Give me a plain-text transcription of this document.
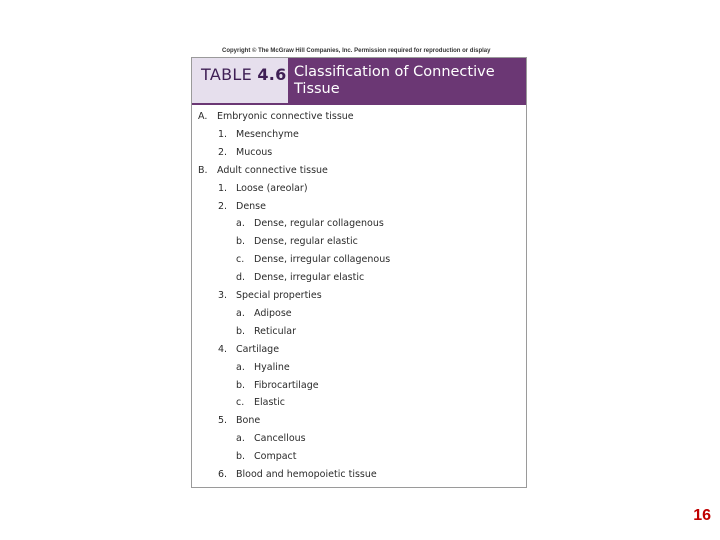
Copyright © The McGraw Hill Companies, Inc. Permission required for reproduction or display
TABLE 4.6 Classification of Connective
Tissue
A. Embryonic connective tissue
1. Mesenchyme
2. Mucous
B. Adult connective tissue
1. Loose (areolar)
2. Dense
a. Dense, regular collagenous
b. Dense, regular elastic
c. Dense, irregular collagenous
d. Dense, irregular elastic
3. Special properties
a. Adipose
b. Reticular
4. Cartilage
a. Hyaline
b. Fibrocartilage
c. Elastic
5. Bone
a. Cancellous
b. Compact
6. Blood and hemopoietic tissue
16
